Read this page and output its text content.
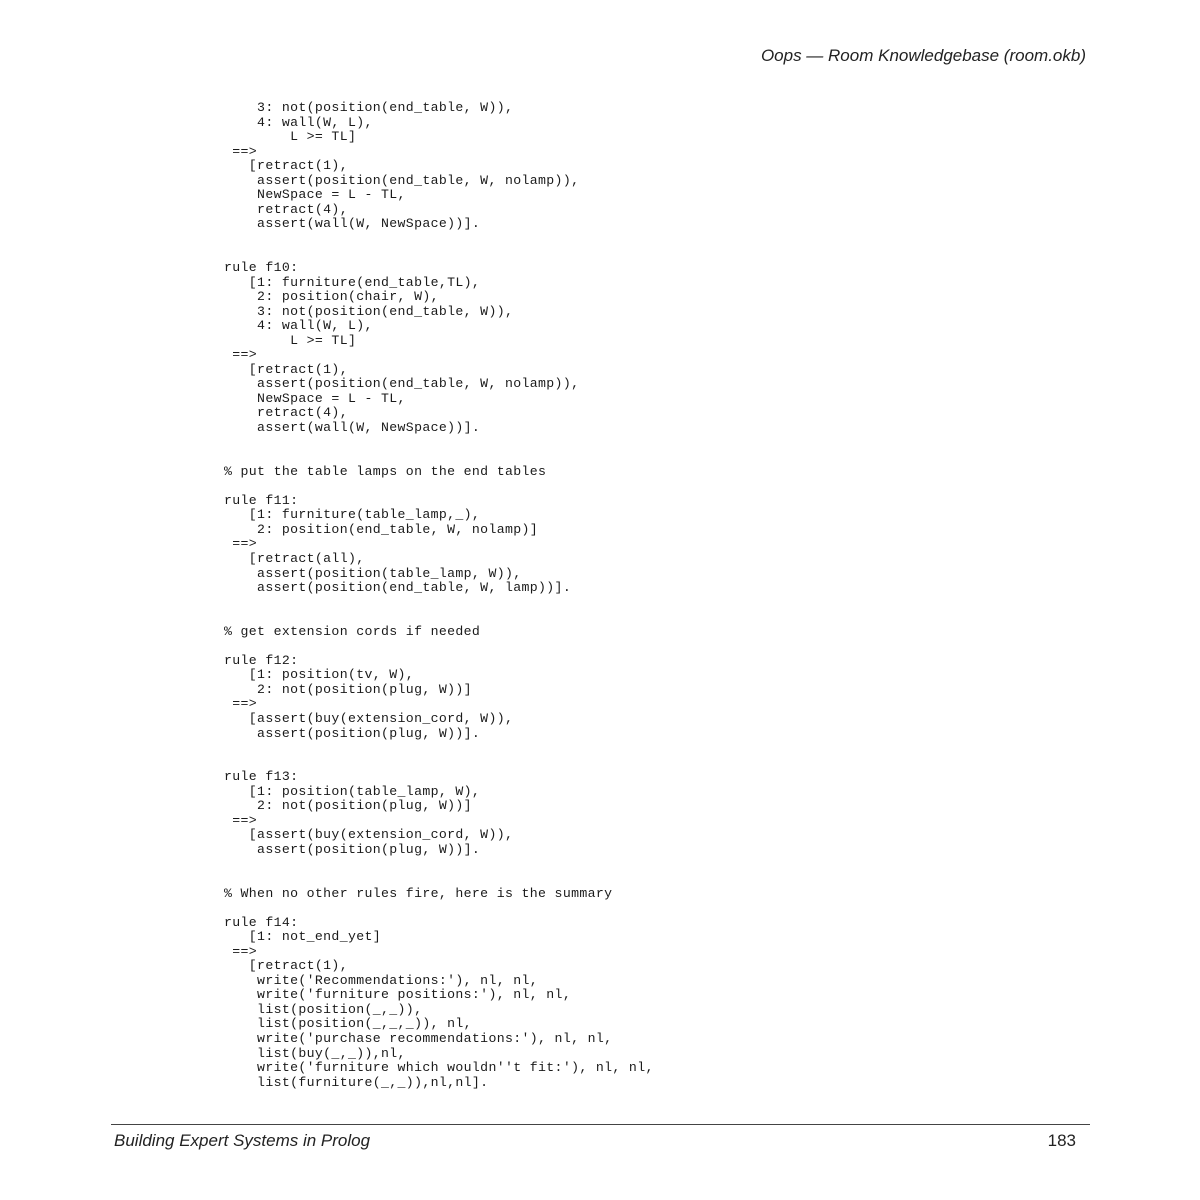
Oops — Room Knowledgebase (room.okb)
3: not(position(end_table, W)),
4: wall(W, L),
L >= TL]
==>
[retract(1),
assert(position(end_table, W, nolamp)),
NewSpace = L - TL,
retract(4),
assert(wall(W, NewSpace))].
rule f10:
[1: furniture(end_table,TL),
2: position(chair, W),
3: not(position(end_table, W)),
4: wall(W, L),
L >= TL]
==>
[retract(1),
assert(position(end_table, W, nolamp)),
NewSpace = L - TL,
retract(4),
assert(wall(W, NewSpace))].
% put the table lamps on the end tables
rule f11:
[1: furniture(table_lamp,_),
2: position(end_table, W, nolamp)]
==>
[retract(all),
assert(position(table_lamp, W)),
assert(position(end_table, W, lamp))].
% get extension cords if needed
rule f12:
[1: position(tv, W),
2: not(position(plug, W))]
==>
[assert(buy(extension_cord, W)),
assert(position(plug, W))].
rule f13:
[1: position(table_lamp, W),
2: not(position(plug, W))]
==>
[assert(buy(extension_cord, W)),
assert(position(plug, W))].
% When no other rules fire, here is the summary
rule f14:
[1: not_end_yet]
==>
[retract(1),
write('Recommendations:'), nl, nl,
write('furniture positions:'), nl, nl,
list(position(_,_)),
list(position(_,_,_)), nl,
write('purchase recommendations:'), nl, nl,
list(buy(_,_)),nl,
write('furniture which wouldn''t fit:'), nl, nl,
list(furniture(_,_)),nl,nl].
Building Expert Systems in Prolog	183
